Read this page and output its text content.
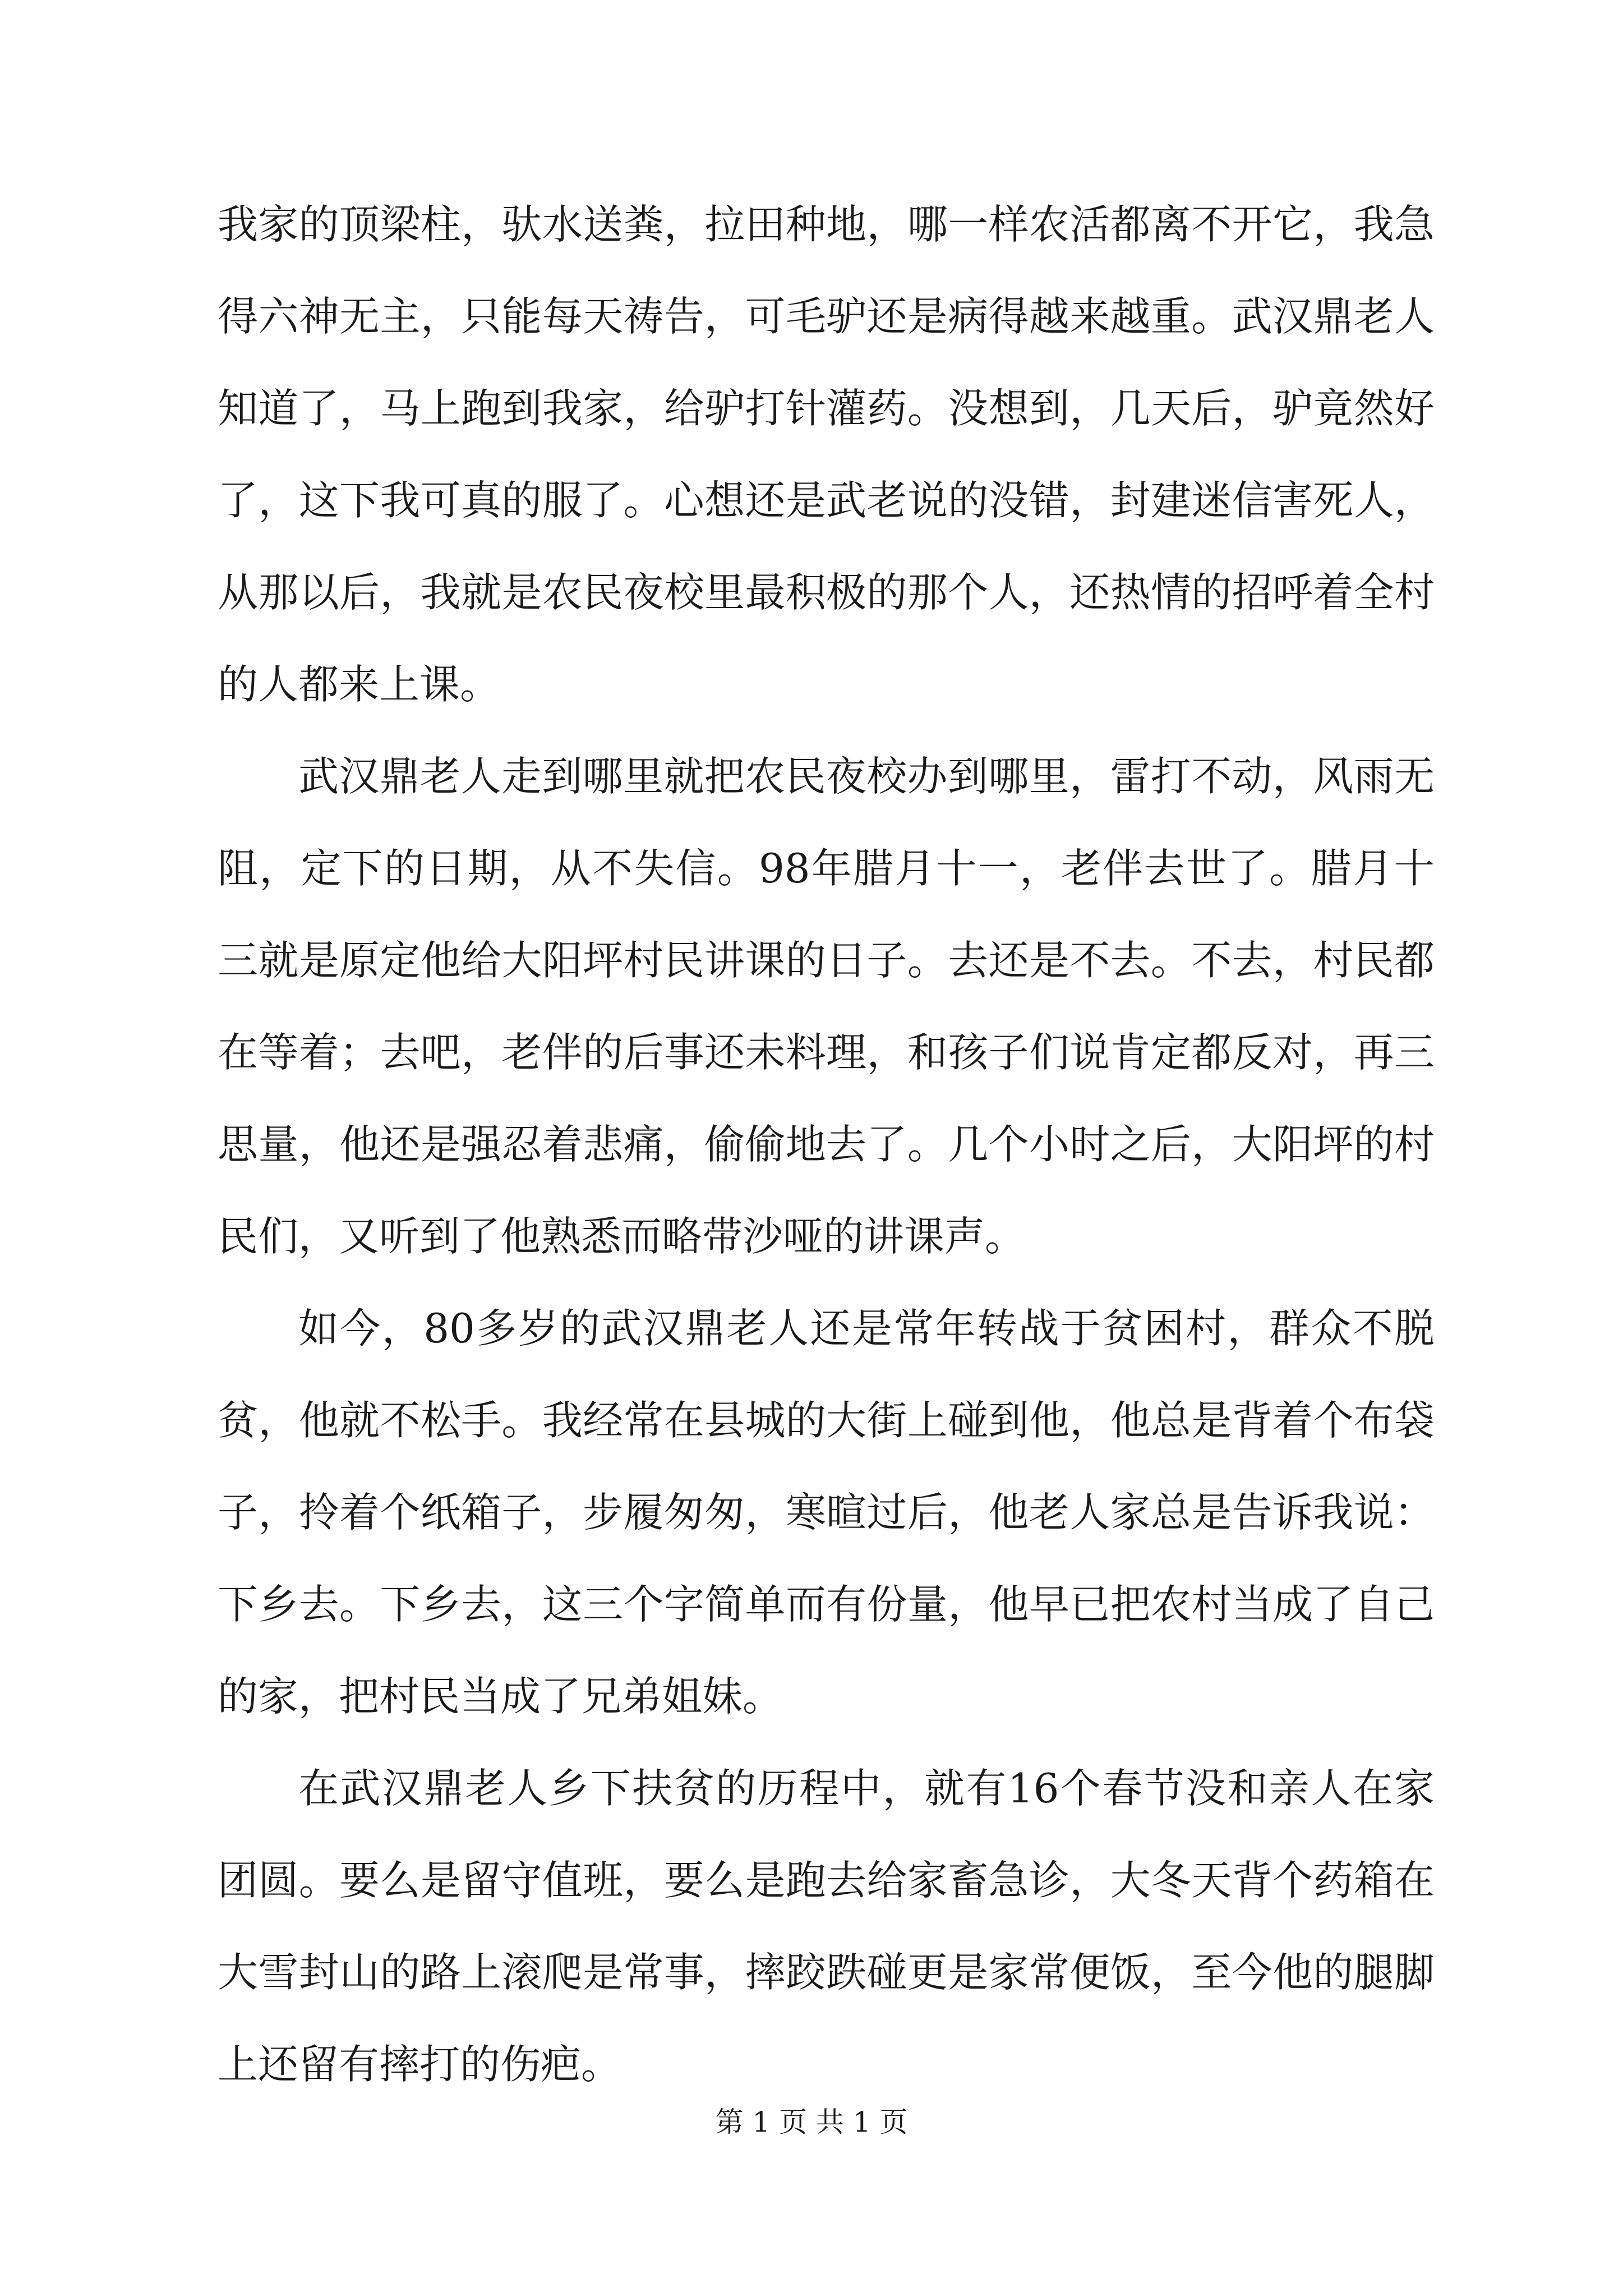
我家的顶梁柱，驮水送粪，拉田种地，哪一样农活都离不开它，我急得六神无主，只能每天祷告，可毛驴还是病得越来越重。武汉鼎老人知道了，马上跑到我家，给驴打针灌药。没想到，几天后，驴竟然好了，这下我可真的服了。心想还是武老说的没错，封建迷信害死人，从那以后，我就是农民夜校里最积极的那个人，还热情的招呼着全村的人都来上课。

武汉鼎老人走到哪里就把农民夜校办到哪里，雷打不动，风雨无阻，定下的日期，从不失信。98年腊月十一，老伴去世了。腊月十三就是原定他给大阳坪村民讲课的日子。去还是不去。不去，村民都在等着；去吧，老伴的后事还未料理，和孩子们说肯定都反对，再三思量，他还是强忍着悲痛，偷偷地去了。几个小时之后，大阳坪的村民们，又听到了他熟悉而略带沙哑的讲课声。

如今，80多岁的武汉鼎老人还是常年转战于贫困村，群众不脱贫，他就不松手。我经常在县城的大街上碰到他，他总是背着个布袋子，拎着个纸箱子，步履匆匆，寒暄过后，他老人家总是告诉我说：下乡去。下乡去，这三个字简单而有份量，他早已把农村当成了自己的家，把村民当成了兄弟姐妹。

在武汉鼎老人乡下扶贫的历程中，就有16个春节没和亲人在家团圆。要么是留守值班，要么是跑去给家畜急诊，大冬天背个药箱在大雪封山的路上滚爬是常事，摔跤跌碰更是家常便饭，至今他的腿脚上还留有摔打的伤疤。

第 1 页 共 1 页
